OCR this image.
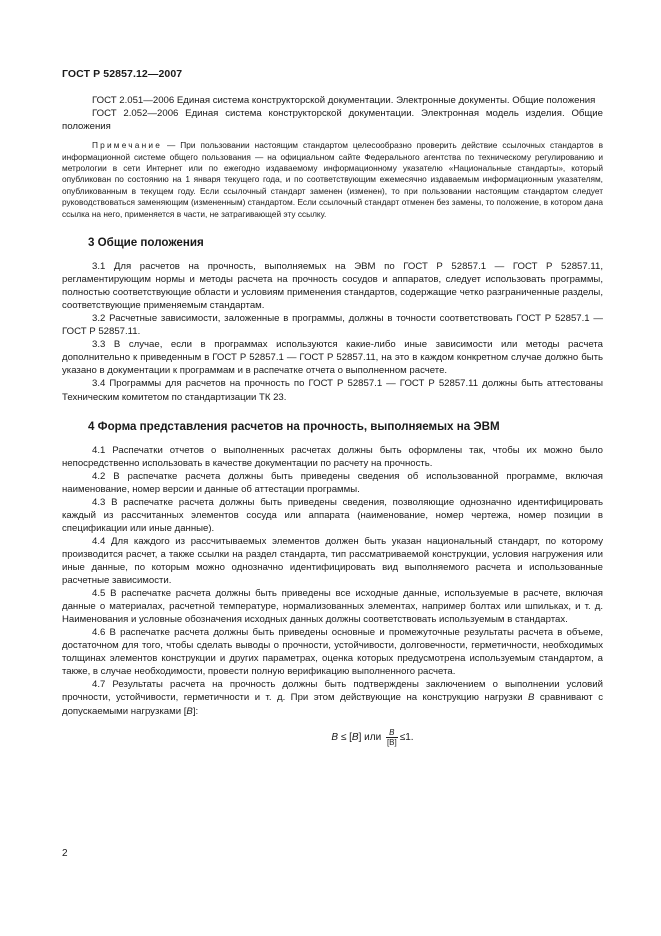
ГОСТ Р 52857.12—2007

ГОСТ 2.051—2006 Единая система конструкторской документации. Электронные документы. Общие положения

ГОСТ 2.052—2006 Единая система конструкторской документации. Электронная модель изделия. Общие положения

Примечание — При пользовании настоящим стандартом целесообразно проверить действие ссылочных стандартов в информационной системе общего пользования — на официальном сайте Федерального агентства по техническому регулированию и метрологии в сети Интернет или по ежегодно издаваемому информационному указателю «Национальные стандарты», который опубликован по состоянию на 1 января текущего года, и по соответствующим ежемесячно издаваемым информационным указателям, опубликованным в текущем году. Если ссылочный стандарт заменен (изменен), то при пользовании настоящим стандартом следует руководствоваться заменяющим (измененным) стандартом. Если ссылочный стандарт отменен без замены, то положение, в котором дана ссылка на него, применяется в части, не затрагивающей эту ссылку.

3 Общие положения

3.1 Для расчетов на прочность, выполняемых на ЭВМ по ГОСТ Р 52857.1 — ГОСТ Р 52857.11, регламентирующим нормы и методы расчета на прочность сосудов и аппаратов, следует использовать программы, полностью соответствующие области и условиям применения стандартов, содержащие четко разграниченные разделы, соответствующие применяемым стандартам.

3.2 Расчетные зависимости, заложенные в программы, должны в точности соответствовать ГОСТ Р 52857.1 — ГОСТ Р 52857.11.

3.3 В случае, если в программах используются какие-либо иные зависимости или методы расчета дополнительно к приведенным в ГОСТ Р 52857.1 — ГОСТ Р 52857.11, на это в каждом конкретном случае должно быть указано в документации к программам и в распечатке отчета о выполненном расчете.

3.4 Программы для расчетов на прочность по ГОСТ Р 52857.1 — ГОСТ Р 52857.11 должны быть аттестованы Техническим комитетом по стандартизации ТК 23.

4 Форма представления расчетов на прочность, выполняемых на ЭВМ

4.1 Распечатки отчетов о выполненных расчетах должны быть оформлены так, чтобы их можно было непосредственно использовать в качестве документации по расчету на прочность.

4.2 В распечатке расчета должны быть приведены сведения об использованной программе, включая наименование, номер версии и данные об аттестации программы.

4.3 В распечатке расчета должны быть приведены сведения, позволяющие однозначно идентифицировать каждый из рассчитанных элементов сосуда или аппарата (наименование, номер чертежа, номер позиции в спецификации или иные данные).

4.4 Для каждого из рассчитываемых элементов должен быть указан национальный стандарт, по которому производится расчет, а также ссылки на раздел стандарта, тип рассматриваемой конструкции, условия нагружения или иные данные, по которым можно однозначно идентифицировать вид выполняемого расчета и использованные расчетные зависимости.

4.5 В распечатке расчета должны быть приведены все исходные данные, используемые в расчете, включая данные о материалах, расчетной температуре, нормализованных элементах, например болтах или шпильках, и т. д. Наименования и условные обозначения исходных данных должны соответствовать используемым в стандартах.

4.6 В распечатке расчета должны быть приведены основные и промежуточные результаты расчета в объеме, достаточном для того, чтобы сделать выводы о прочности, устойчивости, долговечности, герметичности, необходимых толщинах элементов конструкции и других параметрах, оценка которых предусмотрена используемым стандартом, а также, в случае необходимости, провести полную верификацию выполненного расчета.

4.7 Результаты расчета на прочность должны быть подтверждены заключением о выполнении условий прочности, устойчивости, герметичности и т. д. При этом действующие на конструкцию нагрузки B сравнивают с допускаемыми нагрузками [B]:

B ≤ [B] или $\frac{B}{[B]} \le 1$.
2
